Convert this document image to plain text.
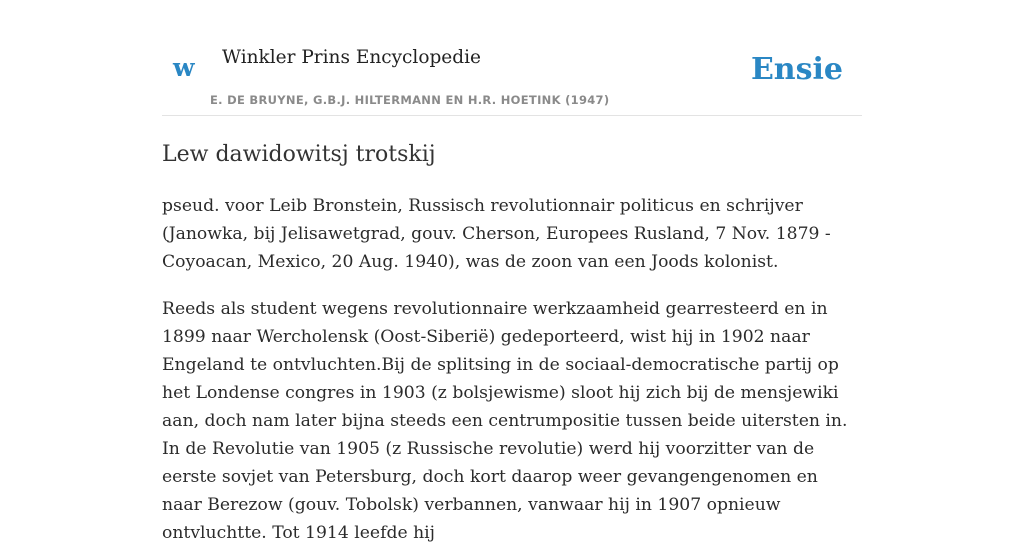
w Winkler Prins Encyclopedie
E. DE BRUYNE, G.B.J. HILTERMANN EN H.R. HOETINK (1947)
Ensie
Lew dawidowitsj trotskij

pseud. voor Leib Bronstein, Russisch revolutionnair politicus en schrijver (Janowka, bij Jelisawetgrad, gouv. Cherson, Europees Rusland, 7 Nov. 1879 - Coyoacan, Mexico, 20 Aug. 1940), was de zoon van een Joods kolonist.

Reeds als student wegens revolutionnaire werkzaamheid gearresteerd en in 1899 naar Wercholensk (Oost-Siberië) gedeporteerd, wist hij in 1902 naar Engeland te ontvluchten.Bij de splitsing in de sociaal-democratische partij op het Londense congres in 1903 (z bolsjewisme) sloot hij zich bij de mensjewiki aan, doch nam later bijna steeds een centrumpositie tussen beide uitersten in. In de Revolutie van 1905 (z Russische revolutie) werd hij voorzitter van de eerste sovjet van Petersburg, doch kort daarop weer gevangengenomen en naar Berezow (gouv. Tobolsk) verbannen, vanwaar hij in 1907 opnieuw ontvluchtte. Tot 1914 leefde hij
